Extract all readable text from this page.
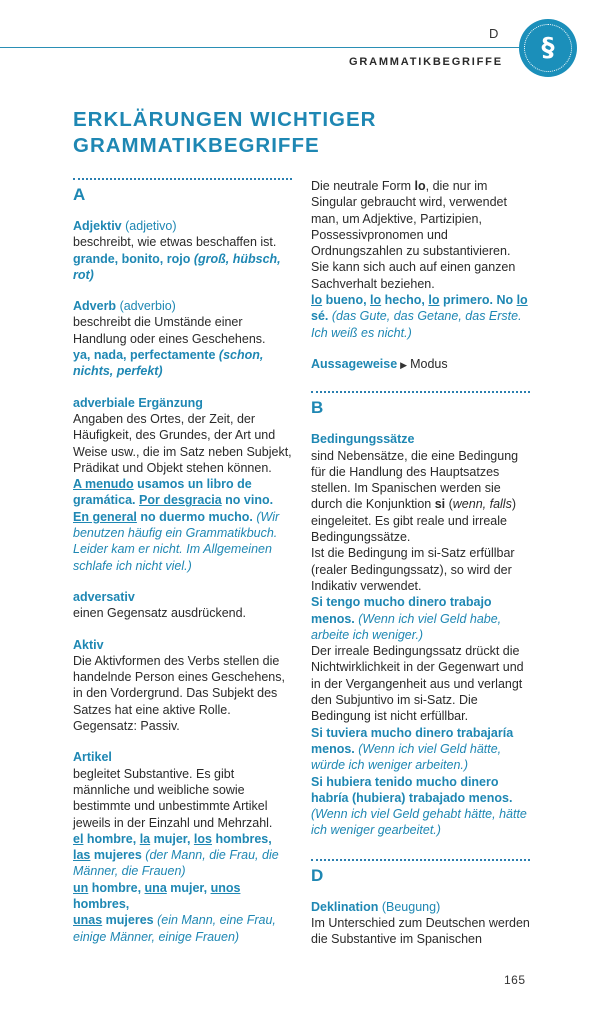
D
GRAMMATIKBEGRIFFE	§
ERKLÄRUNGEN WICHTIGER
GRAMMATIKBEGRIFFE
A

Adjektiv (adjetivo)

beschreibt, wie etwas beschaffen ist.

grande, bonito, rojo (groß, hübsch, rot)

Adverb (adverbio)

beschreibt die Umstände einer Handlung oder eines Geschehens.

ya, nada, perfectamente (schon, nichts, perfekt)

adverbiale Ergänzung

Angaben des Ortes, der Zeit, der Häufigkeit, des Grundes, der Art und Weise usw., die im Satz neben Subjekt, Prädikat und Objekt stehen können.

A menudo usamos un libro de gramática. Por desgracia no vino. En general no duermo mucho. (Wir benutzen häufig ein Grammatikbuch. Leider kam er nicht. Im Allgemeinen schlafe ich nicht viel.)

adversativ

einen Gegensatz ausdrückend.

Aktiv

Die Aktivformen des Verbs stellen die handelnde Person eines Geschehens, in den Vordergrund. Das Subjekt des Satzes hat eine aktive Rolle. Gegensatz: Passiv.

Artikel

begleitet Substantive. Es gibt männliche und weibliche sowie bestimmte und unbestimmte Artikel jeweils in der Einzahl und Mehrzahl.

el hombre, la mujer, los hombres,
las mujeres (der Mann, die Frau, die Männer, die Frauen)

un hombre, una mujer, unos hombres,
unas mujeres (ein Mann, eine Frau, einige Männer, einige Frauen)

Die neutrale Form lo, die nur im Singular gebraucht wird, verwendet man, um Adjektive, Partizipien, Possessivpronomen und Ordnungszahlen zu substantivieren. Sie kann sich auch auf einen ganzen Sachverhalt beziehen.

lo bueno, lo hecho, lo primero. No lo sé. (das Gute, das Getane, das Erste. Ich weiß es nicht.)

Aussageweise ▶ Modus

B

Bedingungssätze

sind Nebensätze, die eine Bedingung für die Handlung des Hauptsatzes stellen. Im Spanischen werden sie durch die Konjunktion si (wenn, falls) eingeleitet. Es gibt reale und irreale Bedingungssätze.

Ist die Bedingung im si-Satz erfüllbar (realer Bedingungssatz), so wird der Indikativ verwendet.

Si tengo mucho dinero trabajo menos. (Wenn ich viel Geld habe, arbeite ich weniger.)

Der irreale Bedingungssatz drückt die Nichtwirklichkeit in der Gegenwart und in der Vergangenheit aus und verlangt den Subjuntivo im si-Satz. Die Bedingung ist nicht erfüllbar.

Si tuviera mucho dinero trabajaría menos. (Wenn ich viel Geld hätte, würde ich weniger arbeiten.)

Si hubiera tenido mucho dinero habría (hubiera) trabajado menos. (Wenn ich viel Geld gehabt hätte, hätte ich weniger gearbeitet.)

D

Deklination (Beugung)

Im Unterschied zum Deutschen werden die Substantive im Spanischen

165
